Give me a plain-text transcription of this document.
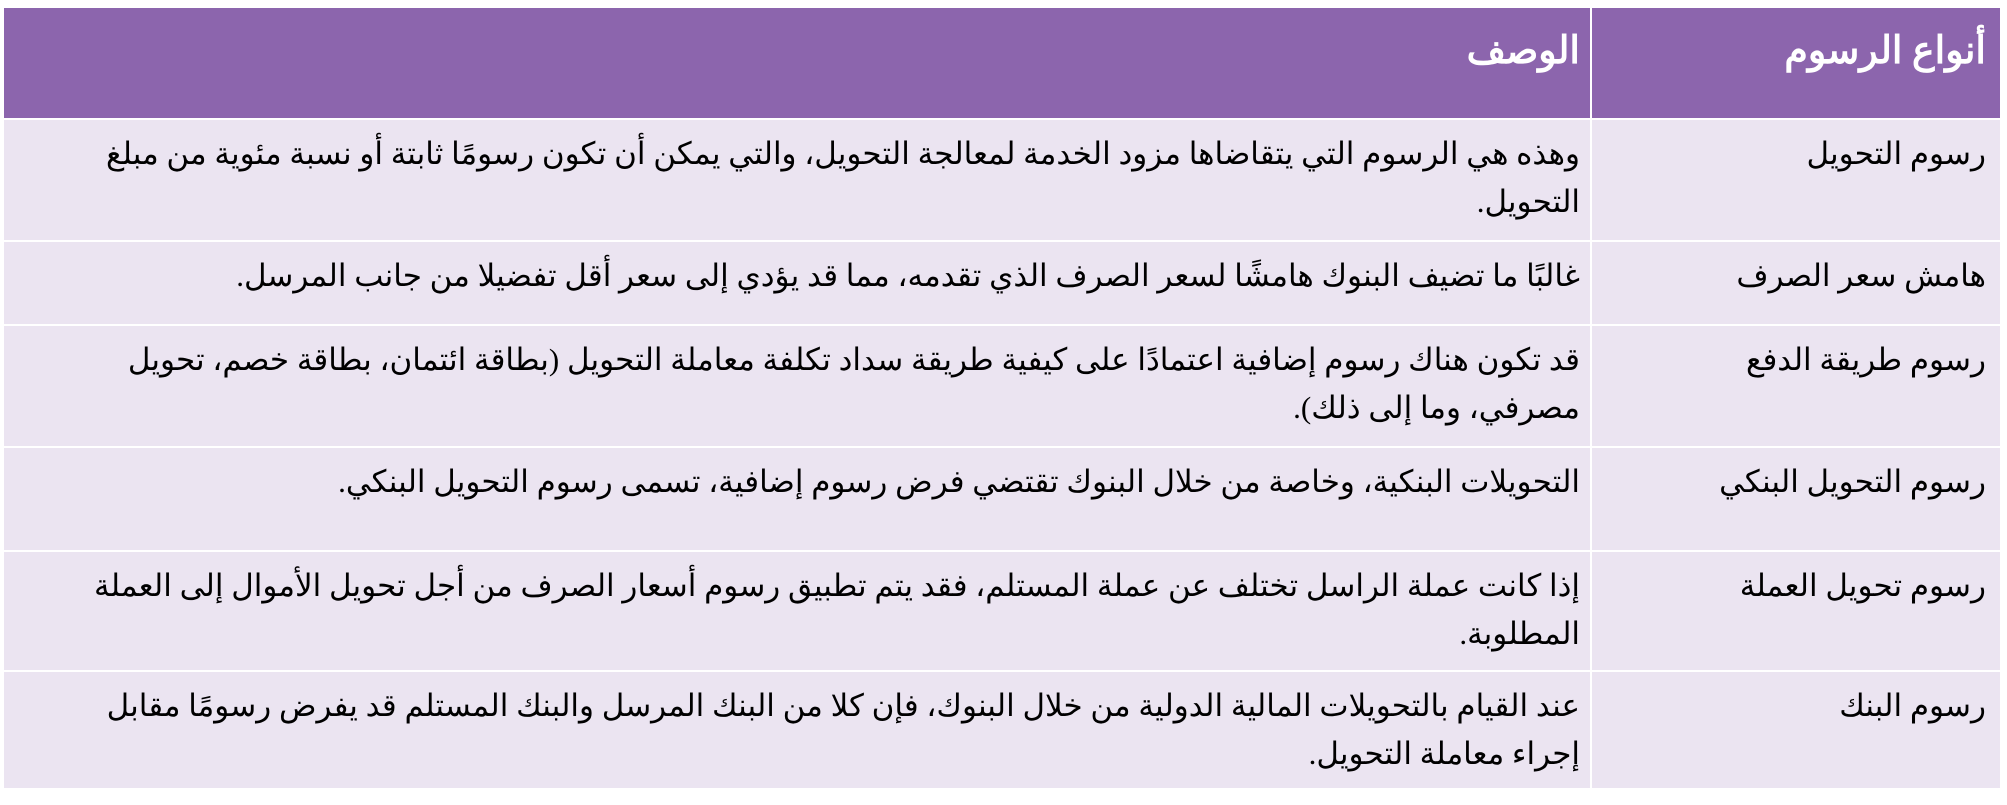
أنواع الرسوم	الوصف
رسوم التحويل	وهذه هي الرسوم التي يتقاضاها مزود الخدمة لمعالجة التحويل، والتي يمكن أن تكون رسومًا ثابتة أو نسبة مئوية من مبلغ التحويل.
هامش سعر الصرف	غالبًا ما تضيف البنوك هامشًا لسعر الصرف الذي تقدمه، مما قد يؤدي إلى سعر أقل تفضيلا من جانب المرسل.
رسوم طريقة الدفع	قد تكون هناك رسوم إضافية اعتمادًا على كيفية طريقة سداد تكلفة معاملة التحويل (بطاقة ائتمان، بطاقة خصم، تحويل مصرفي، وما إلى ذلك).
رسوم التحويل البنكي	التحويلات البنكية، وخاصة من خلال البنوك تقتضي فرض رسوم إضافية، تسمى رسوم التحويل البنكي.
رسوم تحويل العملة	إذا كانت عملة الراسل تختلف عن عملة المستلم، فقد يتم تطبيق رسوم أسعار الصرف من أجل تحويل الأموال إلى العملة المطلوبة.
رسوم البنك	عند القيام بالتحويلات المالية الدولية من خلال البنوك، فإن كلا من البنك المرسل والبنك المستلم قد يفرض رسومًا مقابل إجراء معاملة التحويل.
